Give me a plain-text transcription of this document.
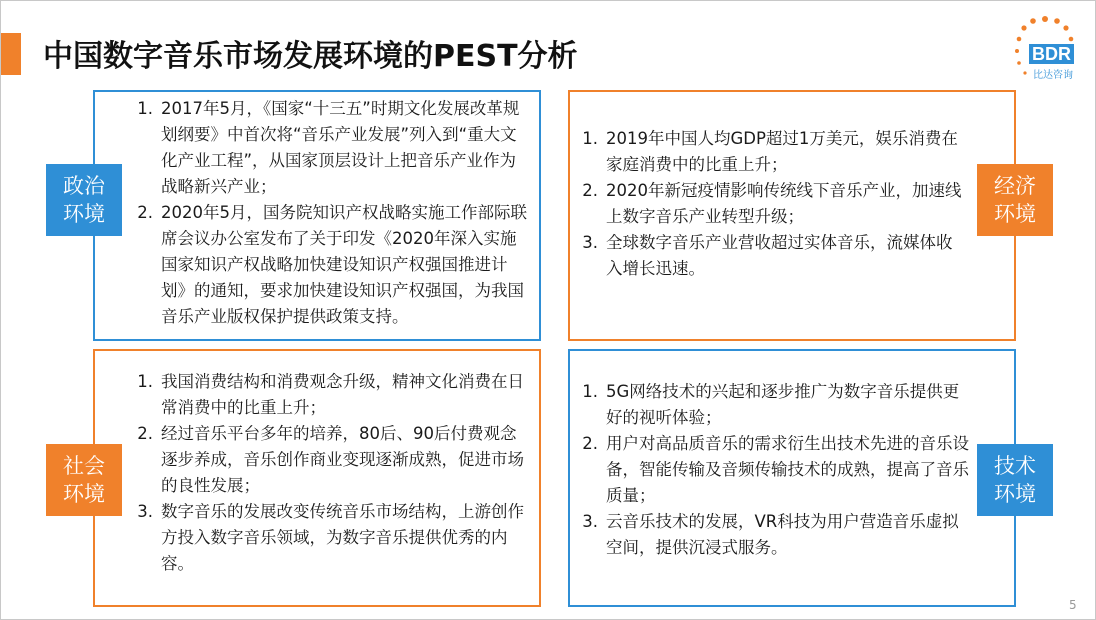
中国数字音乐市场发展环境的PEST分析	BDR
比达咨询
1. 2017年5月，《国家“十三五”时期文化发展改革规划纲要》中首次将“音乐产业发展”列入到“重大文化产业工程”，从国家顶层设计上把音乐产业作为战略新兴产业；
2. 2020年5月，国务院知识产权战略实施工作部际联席会议办公室发布了关于印发《2020年深入实施国家知识产权战略加快建设知识产权强国推进计划》的通知，要求加快建设知识产权强国，为我国音乐产业版权保护提供政策支持。
政治
环境
1. 2019年中国人均GDP超过1万美元，娱乐消费在家庭消费中的比重上升；
2. 2020年新冠疫情影响传统线下音乐产业，加速线上数字音乐产业转型升级；
3. 全球数字音乐产业营收超过实体音乐，流媒体收入增长迅速。
经济
环境
1. 我国消费结构和消费观念升级，精神文化消费在日常消费中的比重上升；
2. 经过音乐平台多年的培养，80后、90后付费观念逐步养成，音乐创作商业变现逐渐成熟，促进市场的良性发展；
3. 数字音乐的发展改变传统音乐市场结构，上游创作方投入数字音乐领域，为数字音乐提供优秀的内容。
社会
环境
1. 5G网络技术的兴起和逐步推广为数字音乐提供更好的视听体验；
2. 用户对高品质音乐的需求衍生出技术先进的音乐设备，智能传输及音频传输技术的成熟，提高了音乐质量；
3. 云音乐技术的发展，VR科技为用户营造音乐虚拟空间，提供沉浸式服务。
技术
环境
5
